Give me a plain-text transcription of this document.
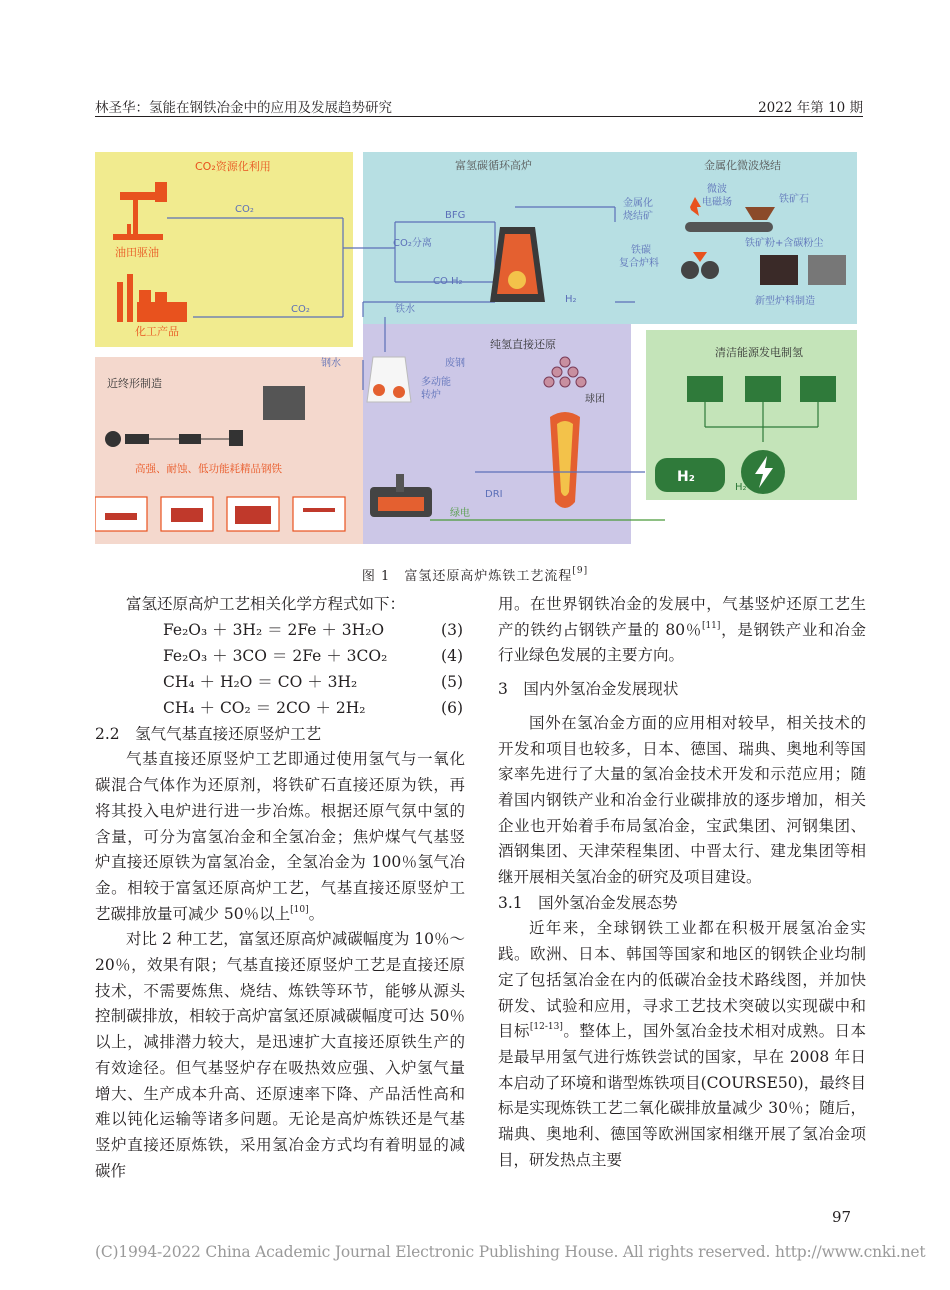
林圣华：氢能在钢铁冶金中的应用及发展趋势研究	2022 年第 10 期
CO₂资源化利用	富氢碳循环高炉	金属化微波烧结
近终形制造
纯氢直接还原
清洁能源发电制氢
油田驱油
化工产品
CO₂
CO₂
BFG
CO₂分离
CO H₂
H₂
金属化
烧结矿
微波
电磁场	铁矿石
铁矿粉+含碳粉尘
铁碳
复合炉料
新型炉料制造
铁水
废钢
多动能
转炉
钢水
球团
DRI
绿电
H₂
H₂
高强、耐蚀、低功能耗精品钢铁
图 1　富氢还原高炉炼铁工艺流程[9]

富氢还原高炉工艺相关化学方程式如下：

Fe₂O₃ ＋ 3H₂ ＝ 2Fe ＋ 3H₂O	(3)
Fe₂O₃ ＋ 3CO ＝ 2Fe ＋ 3CO₂	(4)
CH₄ ＋ H₂O ＝ CO ＋ 3H₂	(5)
CH₄ ＋ CO₂ ＝ 2CO ＋ 2H₂	(6)

2.2　氢气气基直接还原竖炉工艺

气基直接还原竖炉工艺即通过使用氢气与一氧化碳混合气体作为还原剂，将铁矿石直接还原为铁，再将其投入电炉进行进一步冶炼。根据还原气氛中氢的含量，可分为富氢冶金和全氢冶金；焦炉煤气气基竖炉直接还原铁为富氢冶金，全氢冶金为 100％氢气冶金。相较于富氢还原高炉工艺，气基直接还原竖炉工艺碳排放量可减少 50％以上[10]。

对比 2 种工艺，富氢还原高炉减碳幅度为 10％～20％，效果有限；气基直接还原竖炉工艺是直接还原技术，不需要炼焦、烧结、炼铁等环节，能够从源头控制碳排放，相较于高炉富氢还原减碳幅度可达 50％以上，减排潜力较大，是迅速扩大直接还原铁生产的有效途径。但气基竖炉存在吸热效应强、入炉氢气量增大、生产成本升高、还原速率下降、产品活性高和难以钝化运输等诸多问题。无论是高炉炼铁还是气基竖炉直接还原炼铁，采用氢冶金方式均有着明显的减碳作

用。在世界钢铁冶金的发展中，气基竖炉还原工艺生产的铁约占钢铁产量的 80％[11]，是钢铁产业和冶金行业绿色发展的主要方向。

3　国内外氢冶金发展现状

国外在氢冶金方面的应用相对较早，相关技术的开发和项目也较多，日本、德国、瑞典、奥地利等国家率先进行了大量的氢冶金技术开发和示范应用；随着国内钢铁产业和冶金行业碳排放的逐步增加，相关企业也开始着手布局氢冶金，宝武集团、河钢集团、酒钢集团、天津荣程集团、中晋太行、建龙集团等相继开展相关氢冶金的研究及项目建设。

3.1　国外氢冶金发展态势

近年来，全球钢铁工业都在积极开展氢冶金实践。欧洲、日本、韩国等国家和地区的钢铁企业均制定了包括氢冶金在内的低碳冶金技术路线图，并加快研发、试验和应用，寻求工艺技术突破以实现碳中和目标[12-13]。整体上，国外氢冶金技术相对成熟。日本是最早用氢气进行炼铁尝试的国家，早在 2008 年日本启动了环境和谐型炼铁项目(COURSE50)，最终目标是实现炼铁工艺二氧化碳排放量减少 30％；随后，瑞典、奥地利、德国等欧洲国家相继开展了氢冶金项目，研发热点主要

97
(C)1994-2022 China Academic Journal Electronic Publishing House. All rights reserved. http://www.cnki.net
